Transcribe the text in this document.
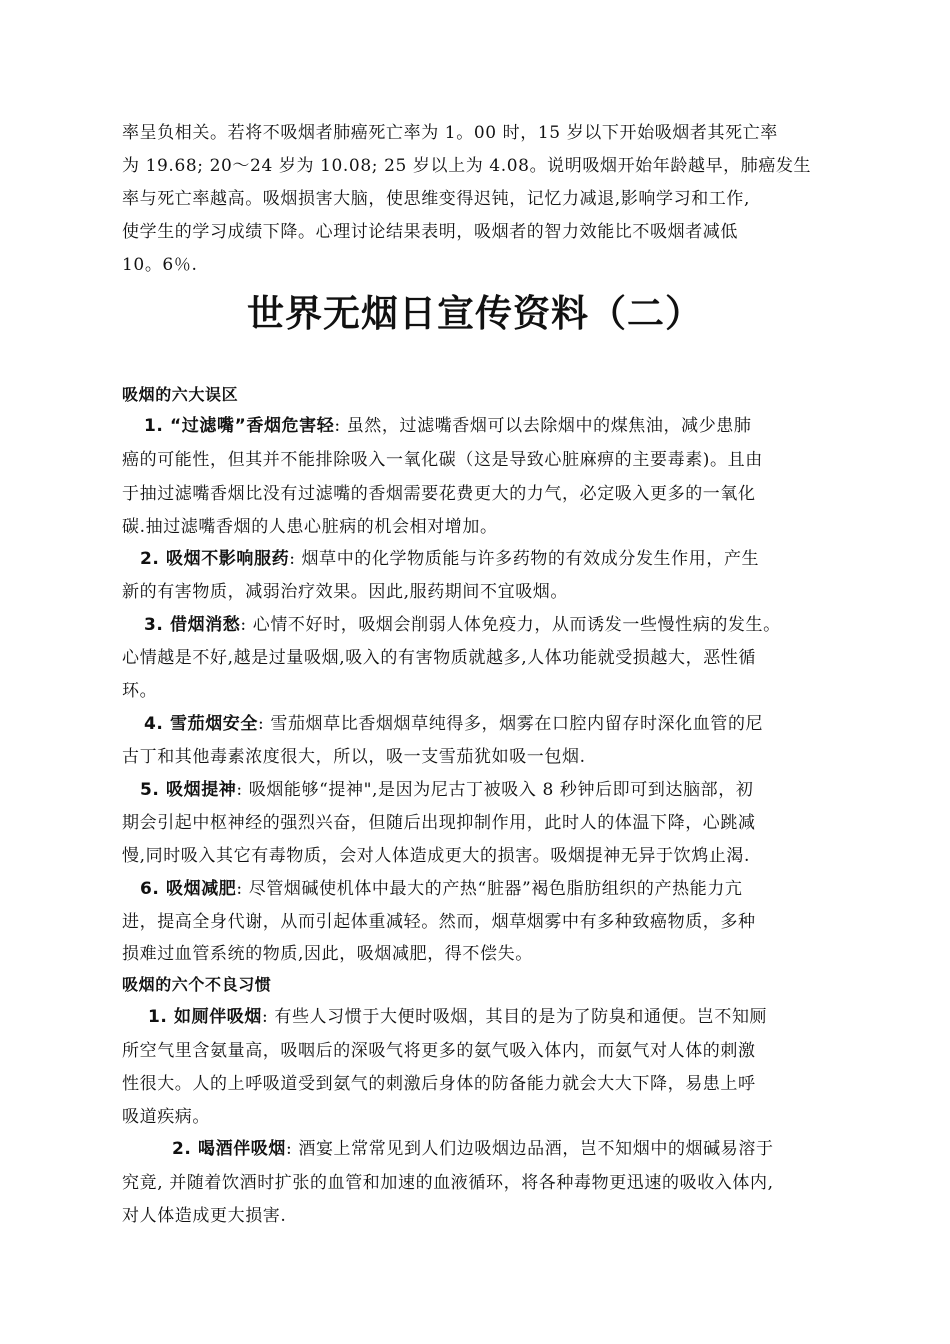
率呈负相关。若将不吸烟者肺癌死亡率为 1。00 时，15 岁以下开始吸烟者其死亡率
为 19.68; 20～24 岁为 10.08; 25 岁以上为 4.08。说明吸烟开始年龄越早，肺癌发生
率与死亡率越高。吸烟损害大脑，使思维变得迟钝，记忆力减退,影响学习和工作,
使学生的学习成绩下降。心理讨论结果表明，吸烟者的智力效能比不吸烟者减低
10。6％.
世界无烟日宣传资料（二）
吸烟的六大误区
1. “过滤嘴”香烟危害轻: 虽然，过滤嘴香烟可以去除烟中的煤焦油，减少患肺
癌的可能性，但其并不能排除吸入一氧化碳（这是导致心脏麻痹的主要毒素)。且由
于抽过滤嘴香烟比没有过滤嘴的香烟需要花费更大的力气，必定吸入更多的一氧化
碳.抽过滤嘴香烟的人患心脏病的机会相对增加。
2. 吸烟不影响服药: 烟草中的化学物质能与许多药物的有效成分发生作用，产生
新的有害物质，减弱治疗效果。因此,服药期间不宜吸烟。
3. 借烟消愁: 心情不好时，吸烟会削弱人体免疫力，从而诱发一些慢性病的发生。
心情越是不好,越是过量吸烟,吸入的有害物质就越多,人体功能就受损越大，恶性循
环。
4. 雪茄烟安全: 雪茄烟草比香烟烟草纯得多，烟雾在口腔内留存时深化血管的尼
古丁和其他毒素浓度很大，所以，吸一支雪茄犹如吸一包烟.
5. 吸烟提神: 吸烟能够“提神",是因为尼古丁被吸入 8 秒钟后即可到达脑部，初
期会引起中枢神经的强烈兴奋，但随后出现抑制作用，此时人的体温下降，心跳减
慢,同时吸入其它有毒物质，会对人体造成更大的损害。吸烟提神无异于饮鸩止渴.
6. 吸烟减肥: 尽管烟碱使机体中最大的产热“脏器”褐色脂肪组织的产热能力亢
进，提高全身代谢，从而引起体重减轻。然而，烟草烟雾中有多种致癌物质，多种
损难过血管系统的物质,因此，吸烟减肥，得不偿失。
吸烟的六个不良习惯
1. 如厕伴吸烟: 有些人习惯于大便时吸烟，其目的是为了防臭和通便。岂不知厕
所空气里含氨量高，吸咽后的深吸气将更多的氨气吸入体内，而氨气对人体的刺激
性很大。人的上呼吸道受到氨气的刺激后身体的防备能力就会大大下降，易患上呼
吸道疾病。
2. 喝酒伴吸烟: 酒宴上常常见到人们边吸烟边品酒，岂不知烟中的烟碱易溶于
究竟, 并随着饮酒时扩张的血管和加速的血液循环，将各种毒物更迅速的吸收入体内,
对人体造成更大损害.
